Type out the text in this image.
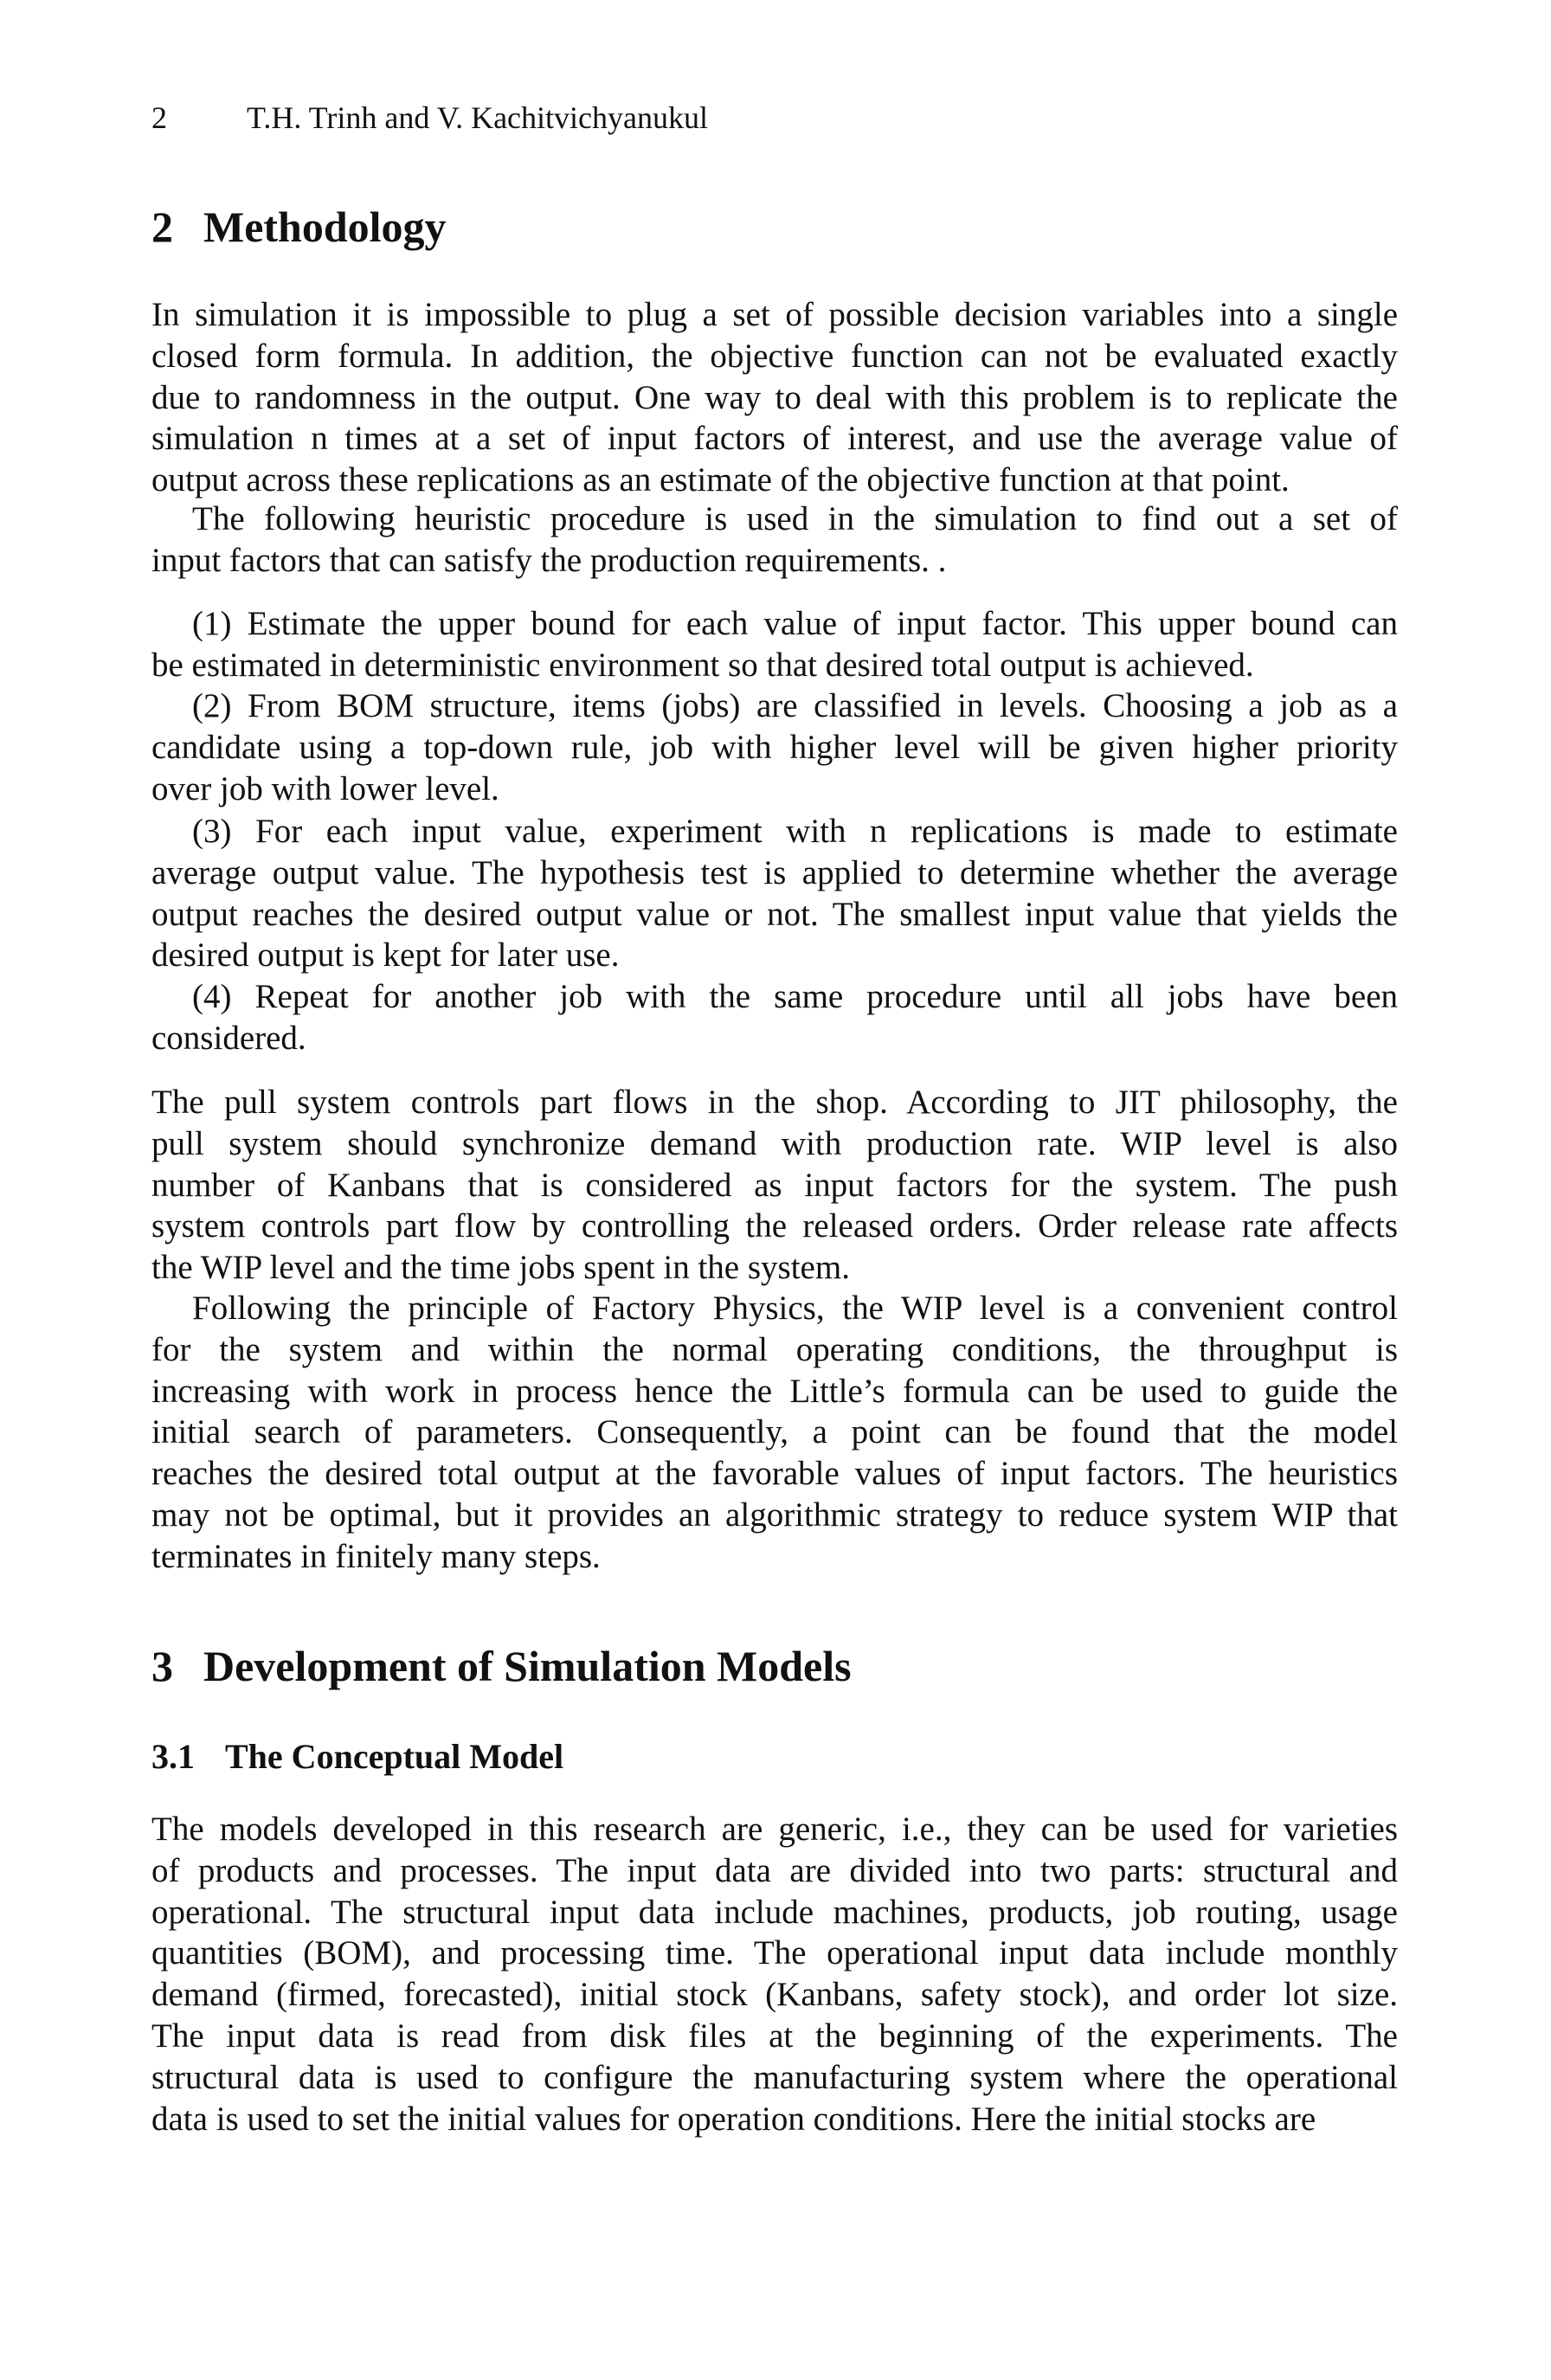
2	T.H. Trinh and V. Kachitvichyanukul
2 Methodology
3 Development of Simulation Models
3.1 The Conceptual Model
In simulation it is impossible to plug a set of possible decision variables into a single
closed form formula. In addition, the objective function can not be evaluated exactly
due to randomness in the output. One way to deal with this problem is to replicate the
simulation n times at a set of input factors of interest, and use the average value of
output across these replications as an estimate of the objective function at that point.
The following heuristic procedure is used in the simulation to find out a set of
input factors that can satisfy the production requirements. .
(1) Estimate the upper bound for each value of input factor. This upper bound can
be estimated in deterministic environment so that desired total output is achieved.
(2) From BOM structure, items (jobs) are classified in levels. Choosing a job as a
candidate using a top-down rule, job with higher level will be given higher priority
over job with lower level.
(3) For each input value, experiment with n replications is made to estimate
average output value. The hypothesis test is applied to determine whether the average
output reaches the desired output value or not. The smallest input value that yields the
desired output is kept for later use.
(4) Repeat for another job with the same procedure until all jobs have been
considered.
The pull system controls part flows in the shop. According to JIT philosophy, the
pull system should synchronize demand with production rate. WIP level is also
number of Kanbans that is considered as input factors for the system. The push
system controls part flow by controlling the released orders. Order release rate affects
the WIP level and the time jobs spent in the system.
Following the principle of Factory Physics, the WIP level is a convenient control
for the system and within the normal operating conditions, the throughput is
increasing with work in process hence the Little’s formula can be used to guide the
initial search of parameters. Consequently, a point can be found that the model
reaches the desired total output at the favorable values of input factors. The heuristics
may not be optimal, but it provides an algorithmic strategy to reduce system WIP that
terminates in finitely many steps.
The models developed in this research are generic, i.e., they can be used for varieties
of products and processes. The input data are divided into two parts: structural and
operational. The structural input data include machines, products, job routing, usage
quantities (BOM), and processing time. The operational input data include monthly
demand (firmed, forecasted), initial stock (Kanbans, safety stock), and order lot size.
The input data is read from disk files at the beginning of the experiments. The
structural data is used to configure the manufacturing system where the operational
data is used to set the initial values for operation conditions. Here the initial stocks are
